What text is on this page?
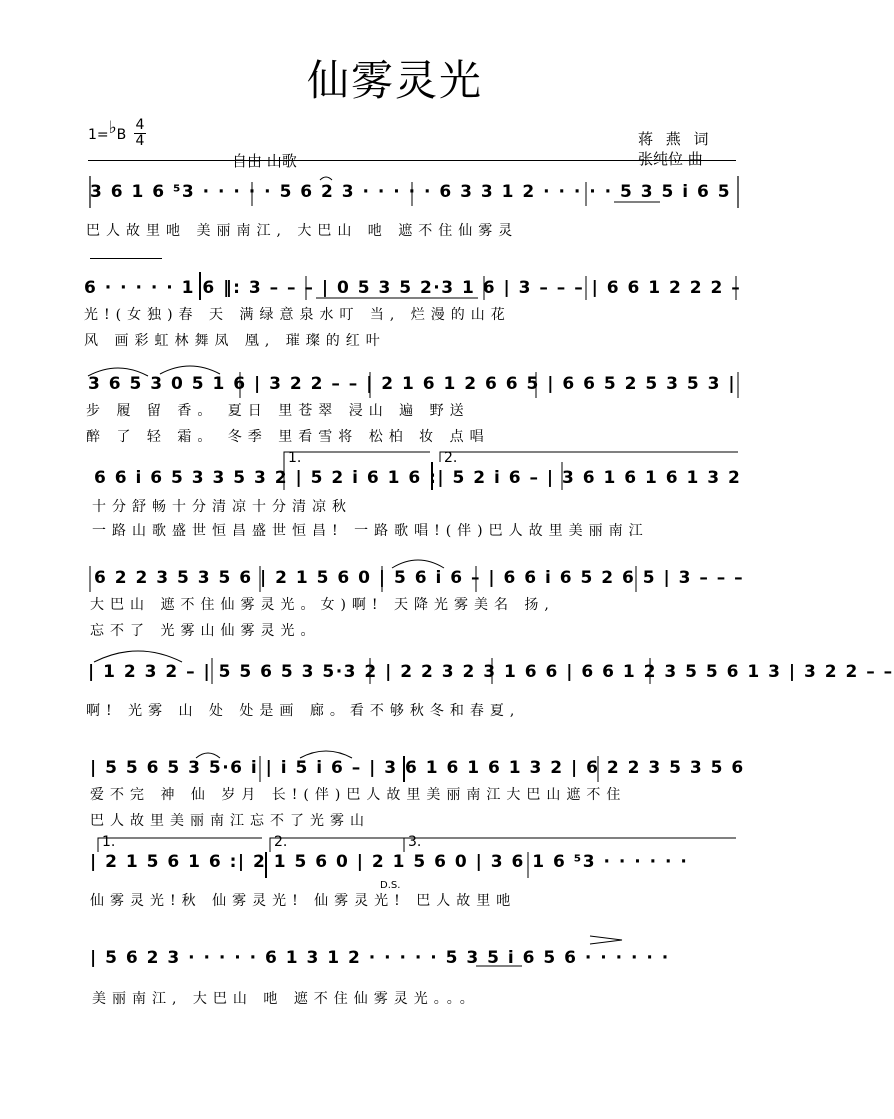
仙雾灵光
1=♭B
4
4	蒋 燕 词
自由 山歌	张纯位 曲
3 6 1 6 ⁵3 · · · · · 5 6 2 3 · · · · · 6 3 3 1 2 · · · · · 5 3 5 i 6 5
巴人故里吔 美丽南江, 大巴山 吔 遮不住仙雾灵
6 · · · · · 1 6 ‖: 3 – – – | 0 5 3 5 2·3 1 6 | 3 – – – | 6 6 1 2 2 2 –
光!(女独)春 天 满绿意泉水叮 当, 烂漫的山花
风 画彩虹林舞凤 凰, 璀璨的红叶
3 6 5 3 0 5 1 6 | 3 2 2 – – | 2 1 6 1 2 6 6 5 | 6 6 5 2 5 3 5 3 |
步 履 留 香。 夏日 里苍翠 浸山 遍 野送
醉 了 轻 霜。 冬季 里看雪将 松柏 妆 点唱
1.	2.
6 6 i 6 5 3 3 5 3 2 | 5 2 i 6 1 6 :| 5 2 i 6 – | 3 6 1 6 1 6 1 3 2
十分舒畅十分清凉十分清凉秋
一路山歌盛世恒昌盛世恒昌! 一路歌唱!(伴)巴人故里美丽南江
6 2 2 3 5 3 5 6 | 2 1 5 6 0 | 5 6 i 6 – | 6 6 i 6 5 2 6 5 | 3 – – –
大巴山 遮不住仙雾灵光。女)啊! 天降光雾美名 扬,
忘不了 光雾山仙雾灵光。
| 1 2 3 2 – | 5 5 6 5 3 5·3 2 | 2 2 3 2 3 1 6 6 | 6 6 1 2 3 5 5 6 1 3 | 3 2 2 – –
啊! 光雾 山 处 处是画 廊。看不够秋冬和春夏,
| 5 5 6 5 3 5·6 i | i 5 i 6 – | 3 6 1 6 1 6 1 3 2 | 6 2 2 3 5 3 5 6
爱不完 神 仙 岁月 长!(伴)巴人故里美丽南江大巴山遮不住
巴人故里美丽南江忘不了光雾山
1.	2.	3.
| 2 1 5 6 1 6 :| 2 1 5 6 0 | 2 1 5 6 0 | 3 6 1 6 ⁵3 · · · · · ·
D.S.
仙雾灵光!秋 仙雾灵光! 仙雾灵光! 巴人故里吔
| 5 6 2 3 · · · · · 6 1 3 1 2 · · · · · 5 3 5 i 6 5 6 · · · · · ·
美丽南江, 大巴山 吔 遮不住仙雾灵光。。。
